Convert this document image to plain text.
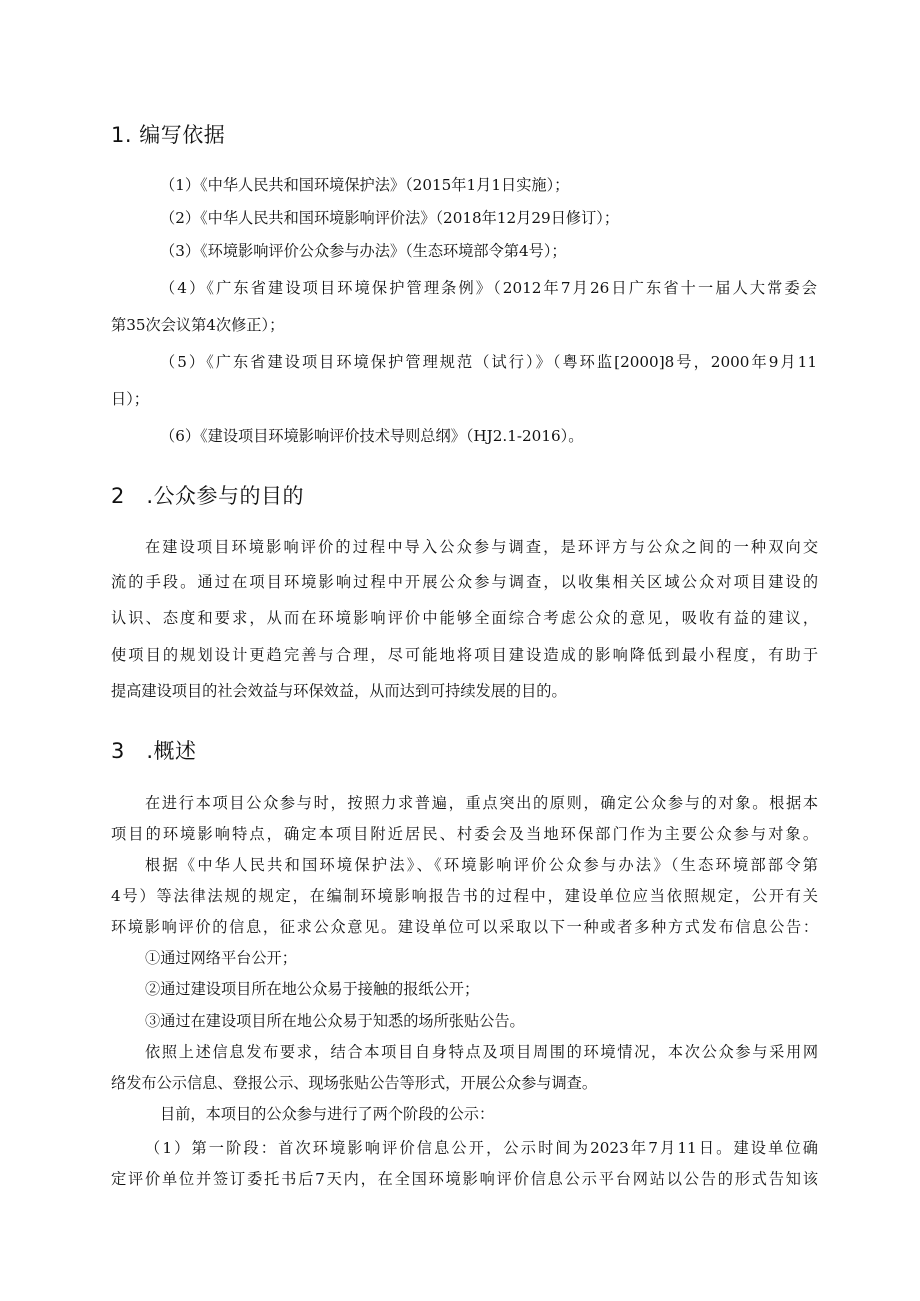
1. 编写依据

（1）《中华人民共和国环境保护法》（2015年1月1日实施）；

（2）《中华人民共和国环境影响评价法》（2018年12月29日修订）；

（3）《环境影响评价公众参与办法》（生态环境部令第4号）；

（4）《广东省建设项目环境保护管理条例》（2012年7月26日广东省十一届人大常委会

第35次会议第4次修正）；

（5）《广东省建设项目环境保护管理规范（试行）》（粤环监[2000]8号，2000年9月11

日）；

（6）《建设项目环境影响评价技术导则总纲》（HJ2.1-2016）。

2　.公众参与的目的

在建设项目环境影响评价的过程中导入公众参与调查，是环评方与公众之间的一种双向交

流的手段。通过在项目环境影响过程中开展公众参与调查，以收集相关区域公众对项目建设的

认识、态度和要求，从而在环境影响评价中能够全面综合考虑公众的意见，吸收有益的建议，

使项目的规划设计更趋完善与合理，尽可能地将项目建设造成的影响降低到最小程度，有助于

提高建设项目的社会效益与环保效益，从而达到可持续发展的目的。

3　.概述

在进行本项目公众参与时，按照力求普遍，重点突出的原则，确定公众参与的对象。根据本

项目的环境影响特点，确定本项目附近居民、村委会及当地环保部门作为主要公众参与对象。

根据《中华人民共和国环境保护法》、《环境影响评价公众参与办法》（生态环境部部令第

4号）等法律法规的规定，在编制环境影响报告书的过程中，建设单位应当依照规定，公开有关

环境影响评价的信息，征求公众意见。建设单位可以采取以下一种或者多种方式发布信息公告：

①通过网络平台公开；

②通过建设项目所在地公众易于接触的报纸公开；

③通过在建设项目所在地公众易于知悉的场所张贴公告。

依照上述信息发布要求，结合本项目自身特点及项目周围的环境情况，本次公众参与采用网

络发布公示信息、登报公示、现场张贴公告等形式，开展公众参与调查。

目前，本项目的公众参与进行了两个阶段的公示：

（1）第一阶段：首次环境影响评价信息公开，公示时间为2023年7月11日。建设单位确

定评价单位并签订委托书后7天内，在全国环境影响评价信息公示平台网站以公告的形式告知该
